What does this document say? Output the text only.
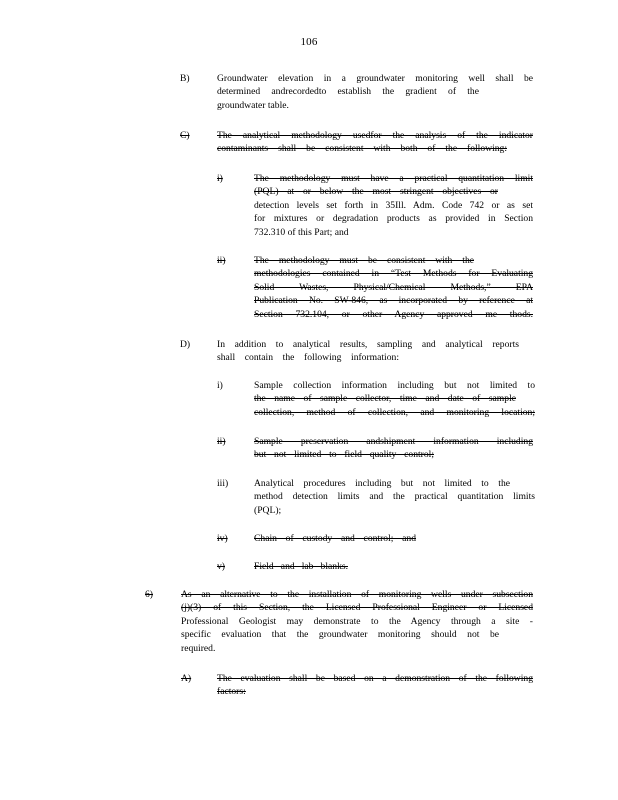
106
B)	Groundwater elevation in a groundwater monitoring well shall be
determined andrecordedto establish the gradient of the
groundwater table.
C)	The analytical methodology usedfor the analysis of the indicator
contaminants shall be consistent with both of the following:
i)	The methodology must have a practical quantitation limit
(PQL) at or below the most stringent objectives or
detection levels set forth in 35Ill. Adm. Code 742 or as set
for mixtures or degradation products as provided in Section
732.310 of this Part; and
ii)	The methodology must be consistent with the
methodologies contained in “Test Methods for Evaluating
Solid Wastes, Physical/Chemical Methods,” EPA
Publication No. SW-846, as incorporated by reference at
Section 732.104, or other Agency approved me thods.
D)	In addition to analytical results, sampling and analytical reports
shall contain the following information:
i)	Sample collection information including but not limited to
the name of sample collector, time and date of sample
collection, method of collection, and monitoring location;
ii)	Sample preservation andshipment information including
but not limited to field quality control;
iii)	Analytical procedures including but not limited to the
method detection limits and the practical quantitation limits
(PQL);
iv)	Chain of custody and control; and
v)	Field and lab blanks.
6)	As an alternative to the installation of monitoring wells under subsection
(j)(3) of this Section, the Licensed Professional Engineer or Licensed
Professional Geologist may demonstrate to the Agency through a site -
specific evaluation that the groundwater monitoring should not be
required.
A)	The evaluation shall be based on a demonstration of the following
factors:
